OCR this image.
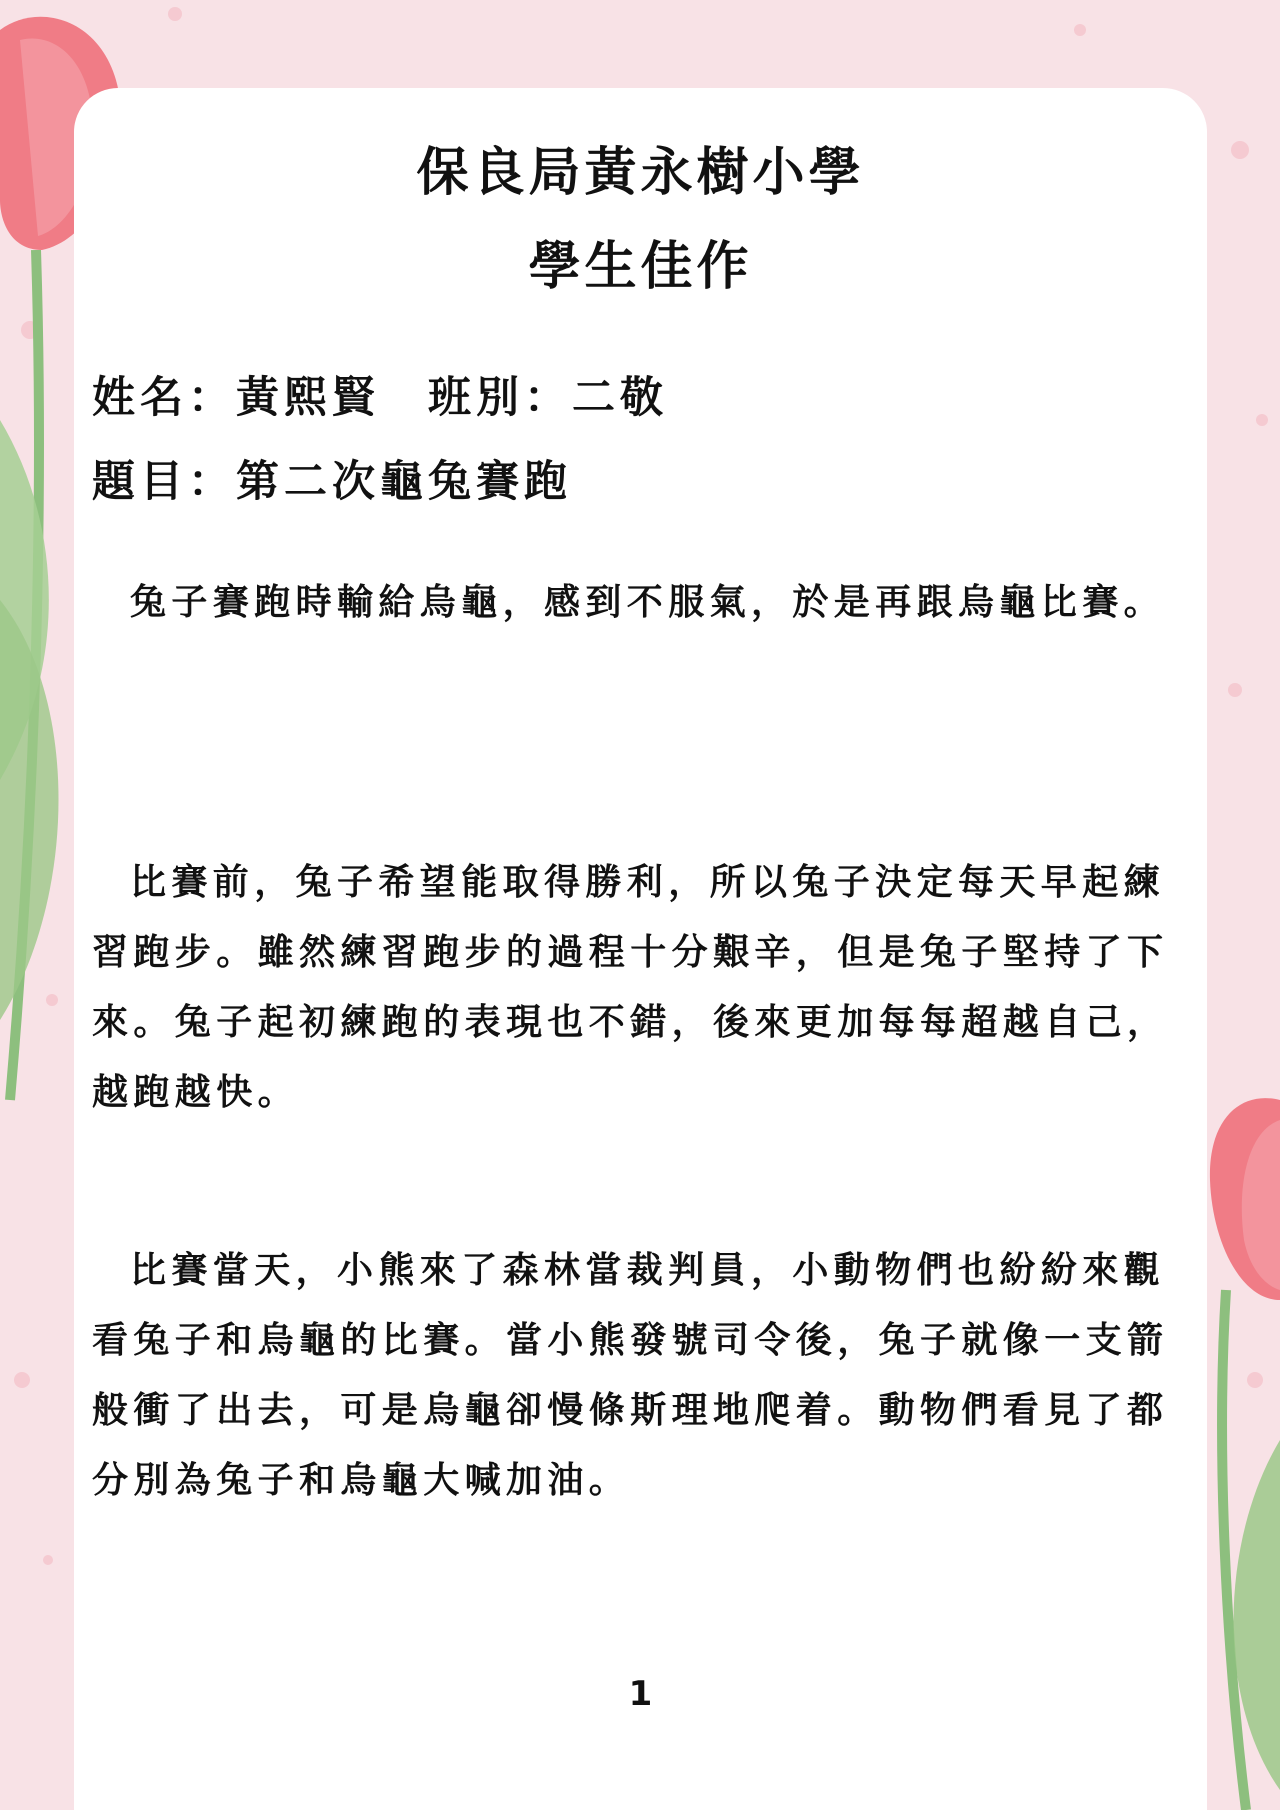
保良局黃永樹小學
學生佳作

姓名：黃熙賢 班別：二敬

題目：第二次龜兔賽跑

兔子賽跑時輸給烏龜，感到不服氣，於是再跟烏龜比賽。

比賽前，兔子希望能取得勝利，所以兔子決定每天早起練習跑步。雖然練習跑步的過程十分艱辛，但是兔子堅持了下來。兔子起初練跑的表現也不錯，後來更加每每超越自己，越跑越快。

比賽當天，小熊來了森林當裁判員，小動物們也紛紛來觀看兔子和烏龜的比賽。當小熊發號司令後，兔子就像一支箭般衝了出去，可是烏龜卻慢條斯理地爬着。動物們看見了都分別為兔子和烏龜大喊加油。

1
